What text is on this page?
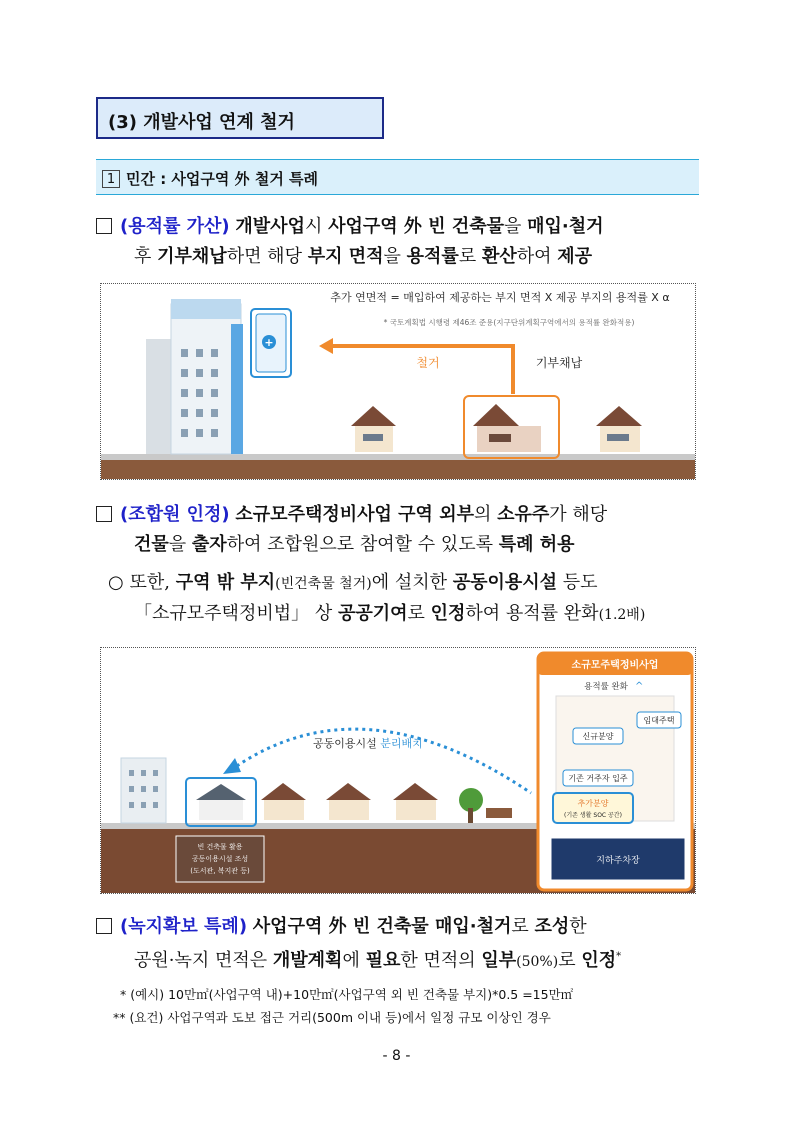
(3) 개발사업 연계 철거
1 민간 : 사업구역 外 철거 특례
(용적률 가산) 개발사업시 사업구역 外 빈 건축물을 매입·철거
후 기부채납하면 해당 부지 면적을 용적률로 환산하여 제공
+
추가 연면적 = 매입하여 제공하는 부지 면적 X 제공 부지의 용적률 X α
* 국토계획법 시행령 제46조 준용(지구단위계획구역에서의 용적률 완화적용)
철거	기부채납
(조합원 인정) 소규모주택정비사업 구역 외부의 소유주가 해당
건물을 출자하여 조합원으로 참여할 수 있도록 특례 허용
○ 또한, 구역 밖 부지(빈건축물 철거)에 설치한 공동이용시설 등도
「소규모주택정비법」 상 공공기여로 인정하여 용적률 완화(1.2배)
소규모주택정비사업
용적률 완화 ^
임대주택
신규분양
기존 거주자 입주
추가분양
(기존 생활 SOC 공간)
지하주차장
빈 건축물 활용
공동이용시설 조성
(도서관, 복지관 등)
공동이용시설 분리배치
(녹지확보 특례) 사업구역 外 빈 건축물 매입·철거로 조성한
공원·녹지 면적은 개발계획에 필요한 면적의 일부(50%)로 인정*
* (예시) 10만㎡(사업구역 내)+10만㎡(사업구역 외 빈 건축물 부지)*0.5 =15만㎡
** (요건) 사업구역과 도보 접근 거리(500m 이내 등)에서 일정 규모 이상인 경우
- 8 -
